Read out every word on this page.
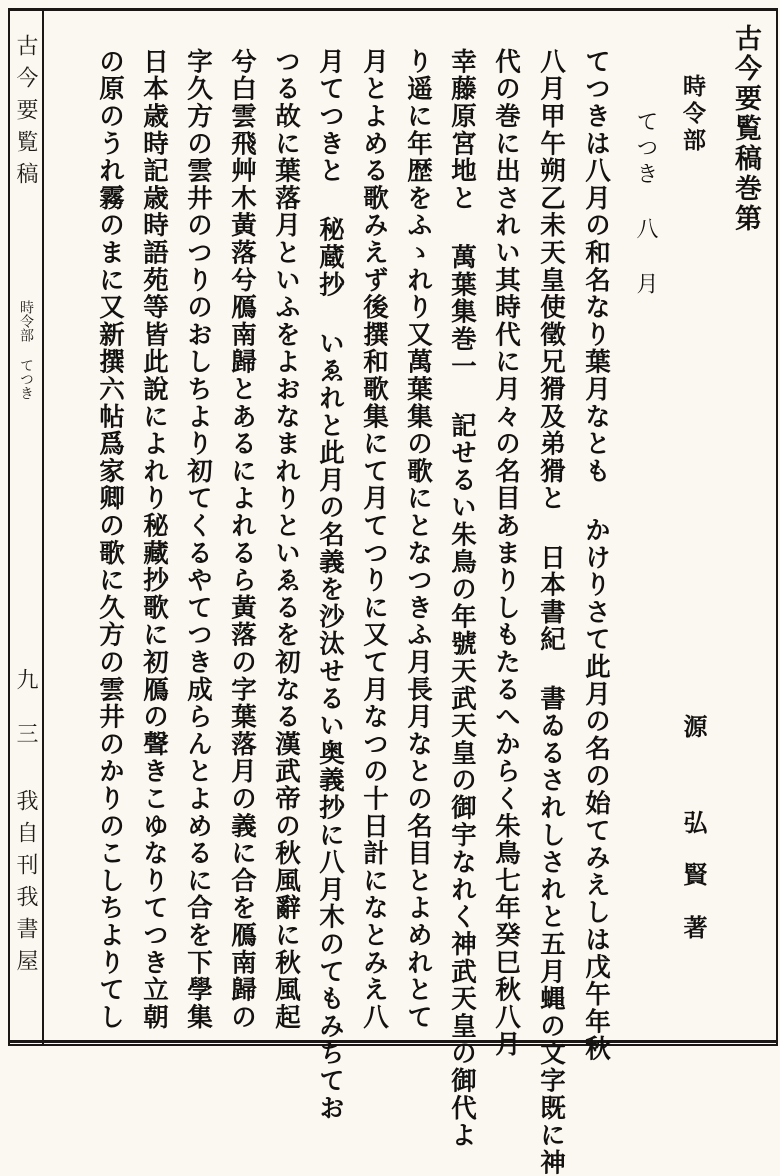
古今要覧稿巻第
時令部
てつき 八 月
源
弘
賢
著
てつきは八月の和名なり葉月なとも かけりさて此月の名の始てみえしは戊午年秋
八月甲午朔乙未天皇使徵兄猾及弟猾と 日本書紀 書ゐるされしされと五月蝿の文字既に神
代の巻に出されい其時代に月々の名目あまりしもたるへからく朱鳥七年癸巳秋八月
幸藤原宮地と 萬葉集巻一 記せるい朱鳥の年號天武天皇の御宇なれく神武天皇の御代よ
り遥に年歴をふゝれり又萬葉集の歌にとなつきふ月長月なとの名目とよめれとて
月とよめる歌みえず後撰和歌集にて月てつりに又て月なつの十日計になとみえ八
月てつきと 秘蔵抄 いゑれと此月の名義を沙汰せるい奥義抄に八月木のてもみちてお
つる故に葉落月といふをよおなまれりといゑるを初なる漢武帝の秋風辭に秋風起
兮白雲飛艸木黃落兮鴈南歸とあるによれるら黃落の字葉落月の義に合を鴈南歸の
字久方の雲井のつりのおしちより初てくるやてつき成らんとよめるに合を下學集
日本歳時記歳時語苑等皆此說によれり秘藏抄歌に初鴈の聲きこゆなりてつき立朝
の原のうれ霧のまに又新撰六帖爲家卿の歌に久方の雲井のかりのこしちよりてし
古今要覧稿
時令部 てつき
九
三 我自刊我書屋
